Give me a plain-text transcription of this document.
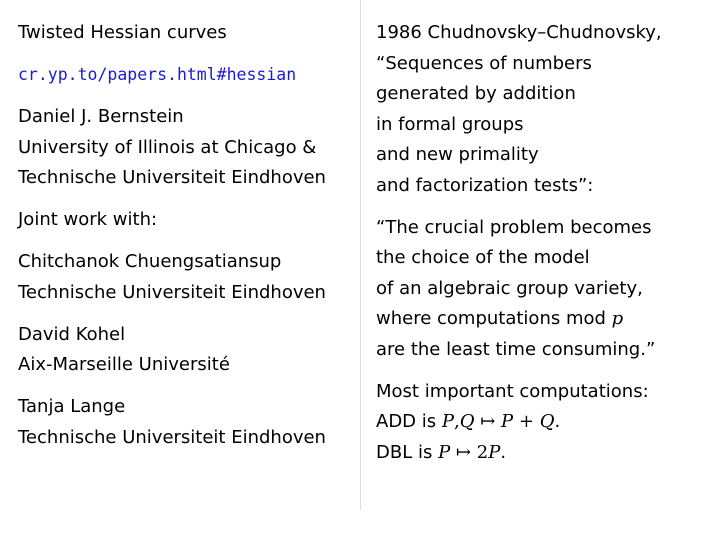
Twisted Hessian curves
cr.yp.to/papers.html#hessian
Daniel J. Bernstein
University of Illinois at Chicago &
Technische Universiteit Eindhoven
Joint work with:
Chitchanok Chuengsatiansup
Technische Universiteit Eindhoven
David Kohel
Aix-Marseille Université
Tanja Lange
Technische Universiteit Eindhoven
1986 Chudnovsky–Chudnovsky,
“Sequences of numbers
generated by addition
in formal groups
and new primality
and factorization tests”:
“The crucial problem becomes
the choice of the model
of an algebraic group variety,
where computations mod p
are the least time consuming.”
Most important computations:
ADD is P,Q ↦ P + Q.
DBL is P ↦ 2P.
